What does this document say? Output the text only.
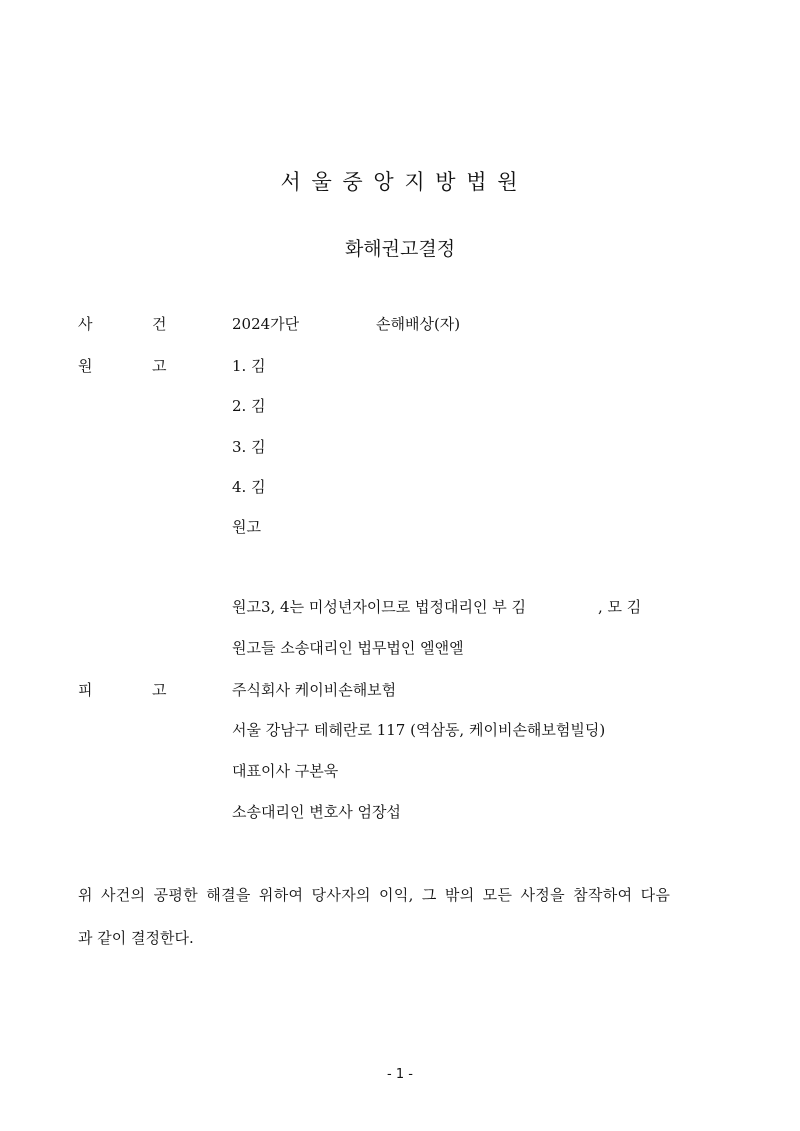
서 울 중 앙 지 방 법 원
화해권고결정
사	건	2024가단	손해배상(자)
원	고	1. 김
2. 김
3. 김
4. 김
원고
원고3, 4는 미성년자이므로 법정대리인 부 김	, 모 김
원고들 소송대리인 법무법인 엘앤엘
피	고	주식회사 케이비손해보험
서울 강남구 테헤란로 117 (역삼동, 케이비손해보험빌딩)
대표이사 구본욱
소송대리인 변호사 엄장섭
위 사건의 공평한 해결을 위하여 당사자의 이익, 그 밖의 모든 사정을 참작하여 다음
과 같이 결정한다.
- 1 -
